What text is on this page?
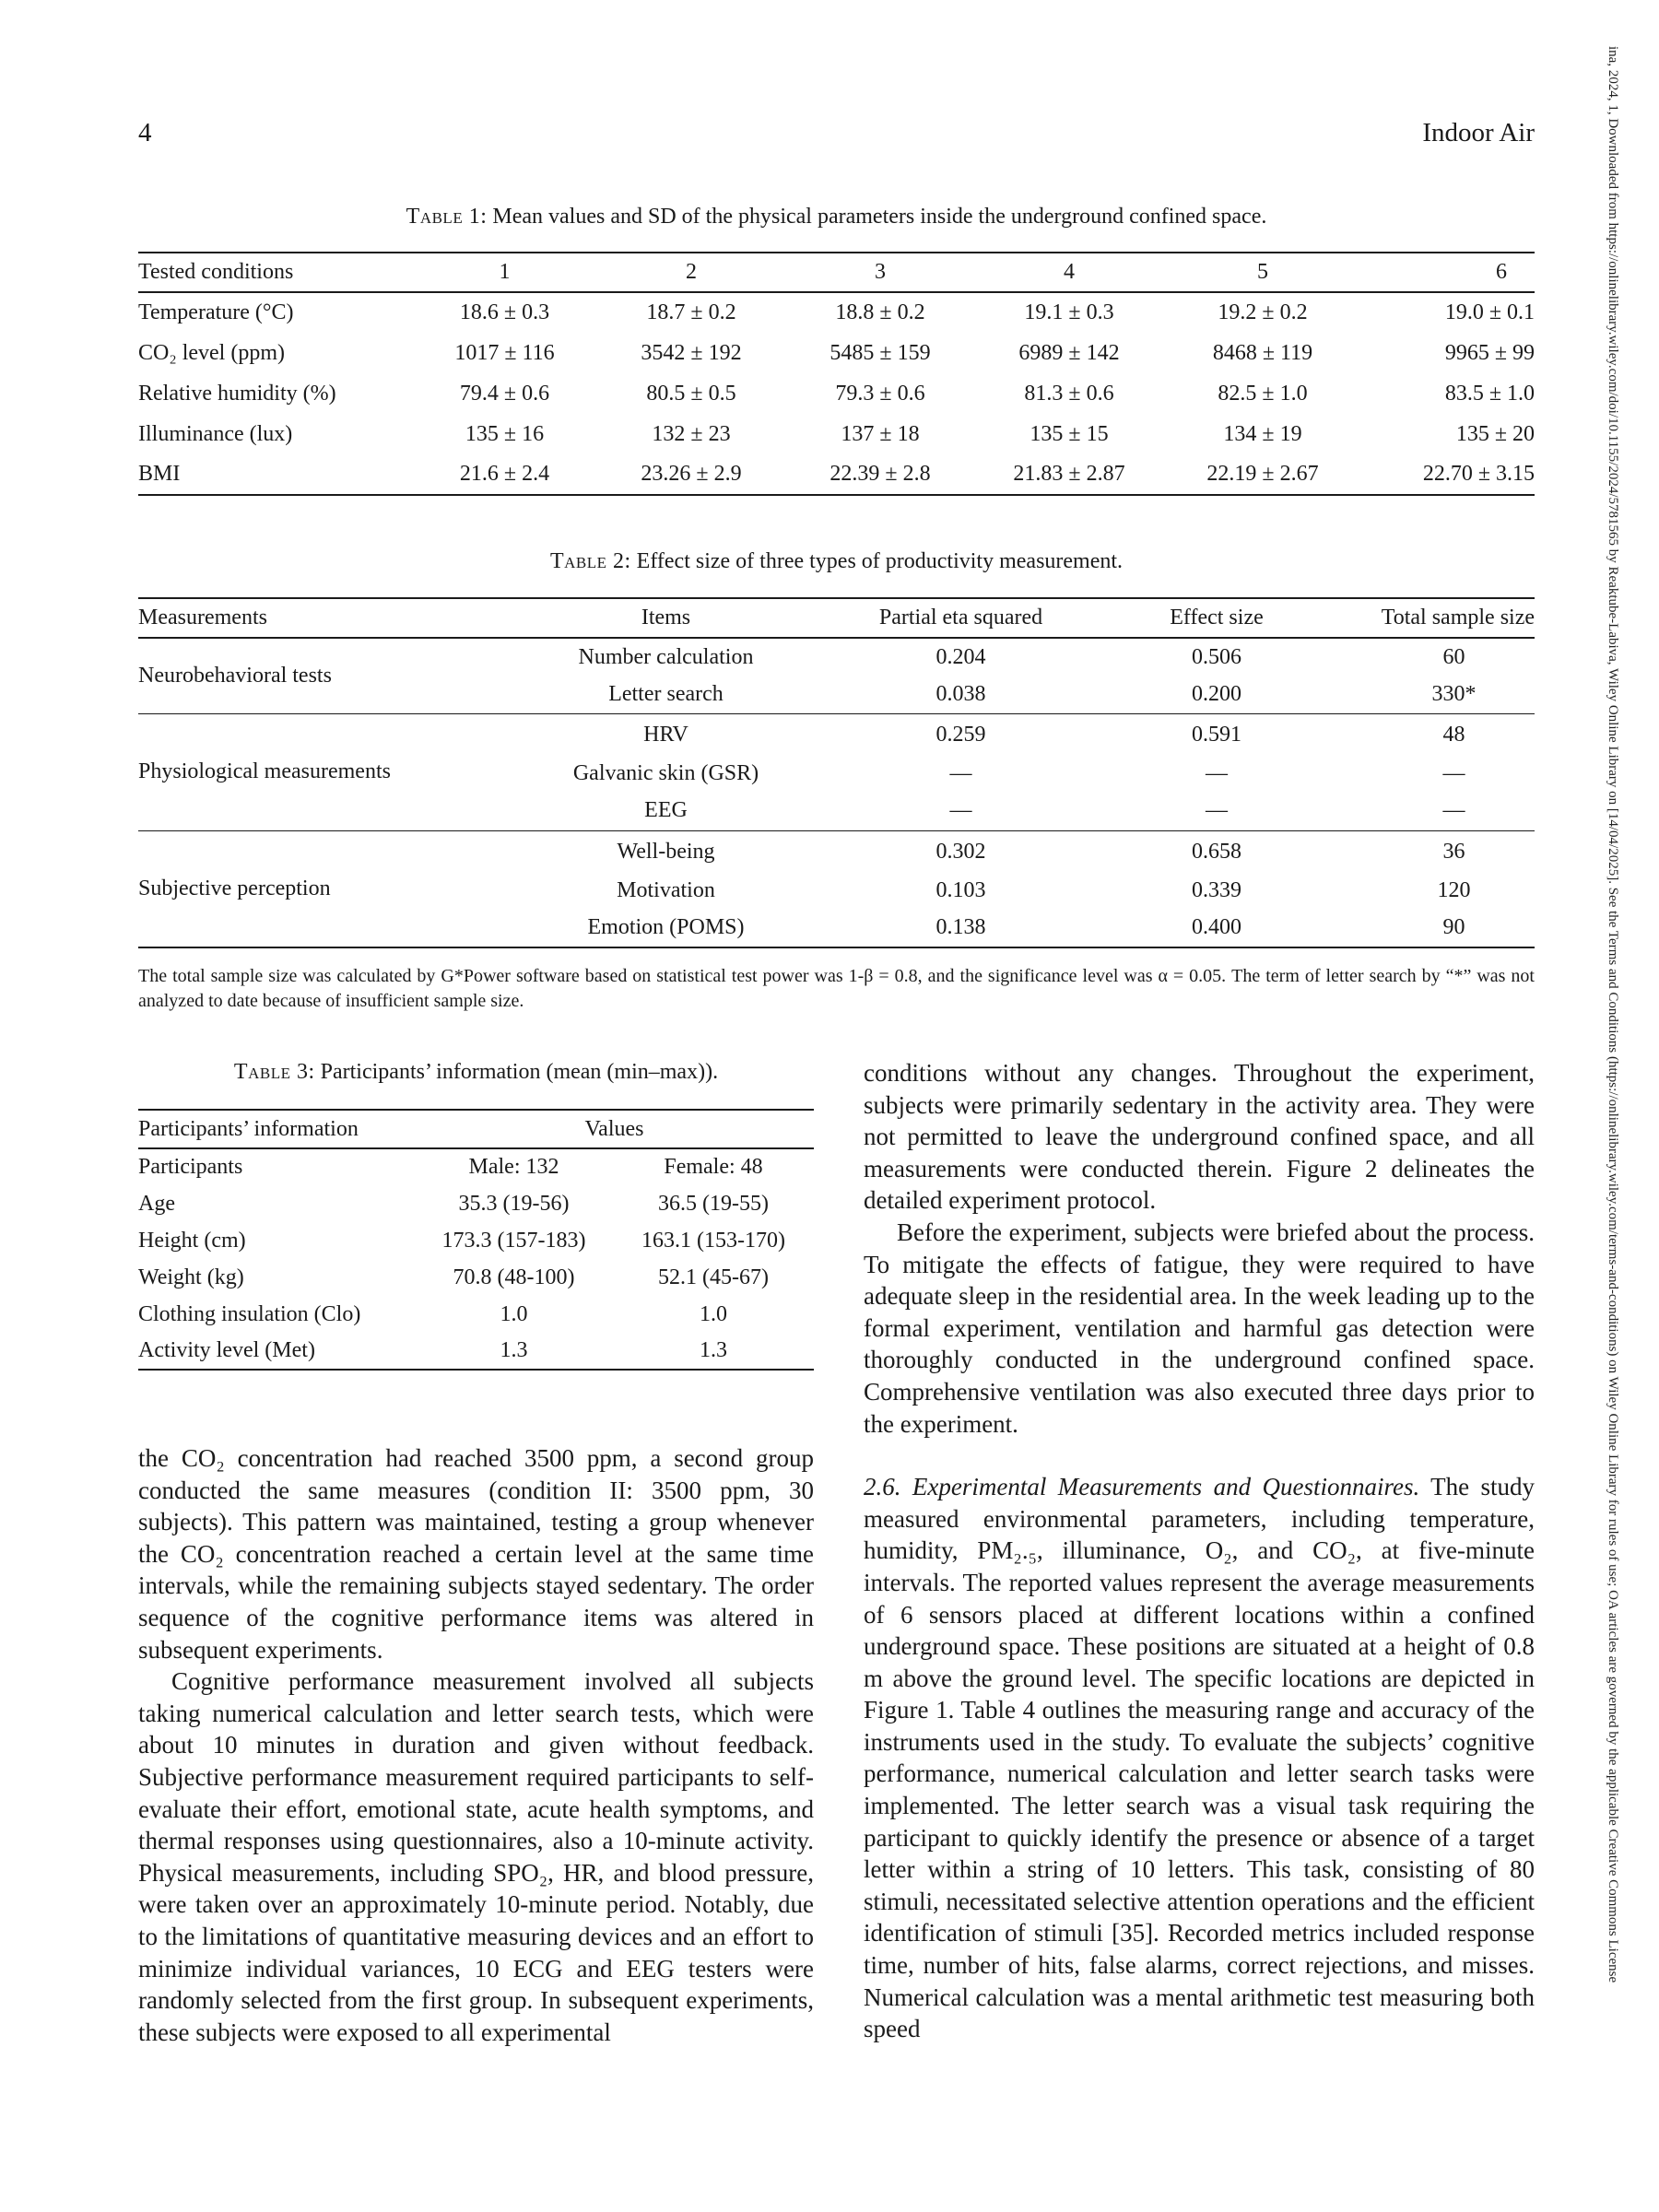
4	Indoor Air	ina, 2024, 1, Downloaded from https://onlinelibrary.wiley.com/doi/10.1155/2024/5781565 by Reaktube-Labiva, Wiley Online Library on [14/04/2025]. See the Terms and Conditions (https://onlinelibrary.wiley.com/terms-and-conditions) on Wiley Online Library for rules of use; OA articles are governed by the applicable Creative Commons License
Table 1: Mean values and SD of the physical parameters inside the underground confined space.
Tested conditions	1	2	3	4	5	6
Temperature (°C)	18.6 ± 0.3	18.7 ± 0.2	18.8 ± 0.2	19.1 ± 0.3	19.2 ± 0.2	19.0 ± 0.1
CO₂ level (ppm)	1017 ± 116	3542 ± 192	5485 ± 159	6989 ± 142	8468 ± 119	9965 ± 99
Relative humidity (%)	79.4 ± 0.6	80.5 ± 0.5	79.3 ± 0.6	81.3 ± 0.6	82.5 ± 1.0	83.5 ± 1.0
Illuminance (lux)	135 ± 16	132 ± 23	137 ± 18	135 ± 15	134 ± 19	135 ± 20
BMI	21.6 ± 2.4	23.26 ± 2.9	22.39 ± 2.8	21.83 ± 2.87	22.19 ± 2.67	22.70 ± 3.15
Table 2: Effect size of three types of productivity measurement.
Measurements	Items	Partial eta squared	Effect size	Total sample size
Neurobehavioral tests	Number calculation	0.204	0.506	60
	Letter search	0.038	0.200	330*
Physiological measurements	HRV	0.259	0.591	48
	Galvanic skin (GSR)	—	—	—
	EEG	—	—	—
Subjective perception	Well-being	0.302	0.658	36
	Motivation	0.103	0.339	120
	Emotion (POMS)	0.138	0.400	90
The total sample size was calculated by G*Power software based on statistical test power was 1-β = 0.8, and the significance level was α = 0.05. The term of letter search by “*” was not analyzed to date because of insufficient sample size.
Table 3: Participants’ information (mean (min–max)).
Participants’ information	Values	
Participants	Male: 132	Female: 48
Age	35.3 (19-56)	36.5 (19-55)
Height (cm)	173.3 (157-183)	163.1 (153-170)
Weight (kg)	70.8 (48-100)	52.1 (45-67)
Clothing insulation (Clo)	1.0	1.0
Activity level (Met)	1.3	1.3

the CO₂ concentration had reached 3500 ppm, a second group conducted the same measures (condition II: 3500 ppm, 30 subjects). This pattern was maintained, testing a group whenever the CO₂ concentration reached a certain level at the same time intervals, while the remaining subjects stayed sedentary. The order sequence of the cognitive performance items was altered in subsequent experiments.

Cognitive performance measurement involved all subjects taking numerical calculation and letter search tests, which were about 10 minutes in duration and given without feedback. Subjective performance measurement required participants to self-evaluate their effort, emotional state, acute health symptoms, and thermal responses using questionnaires, also a 10-minute activity. Physical measurements, including SPO₂, HR, and blood pressure, were taken over an approximately 10-minute period. Notably, due to the limitations of quantitative measuring devices and an effort to minimize individual variances, 10 ECG and EEG testers were randomly selected from the first group. In subsequent experiments, these subjects were exposed to all experimental

conditions without any changes. Throughout the experiment, subjects were primarily sedentary in the activity area. They were not permitted to leave the underground confined space, and all measurements were conducted therein. Figure 2 delineates the detailed experiment protocol.

Before the experiment, subjects were briefed about the process. To mitigate the effects of fatigue, they were required to have adequate sleep in the residential area. In the week leading up to the formal experiment, ventilation and harmful gas detection were thoroughly conducted in the underground confined space. Comprehensive ventilation was also executed three days prior to the experiment.

2.6. Experimental Measurements and Questionnaires. The study measured environmental parameters, including temperature, humidity, PM₂.₅, illuminance, O₂, and CO₂, at five-minute intervals. The reported values represent the average measurements of 6 sensors placed at different locations within a confined underground space. These positions are situated at a height of 0.8 m above the ground level. The specific locations are depicted in Figure 1. Table 4 outlines the measuring range and accuracy of the instruments used in the study. To evaluate the subjects’ cognitive performance, numerical calculation and letter search tasks were implemented. The letter search was a visual task requiring the participant to quickly identify the presence or absence of a target letter within a string of 10 letters. This task, consisting of 80 stimuli, necessitated selective attention operations and the efficient identification of stimuli [35]. Recorded metrics included response time, number of hits, false alarms, correct rejections, and misses. Numerical calculation was a mental arithmetic test measuring both speed
